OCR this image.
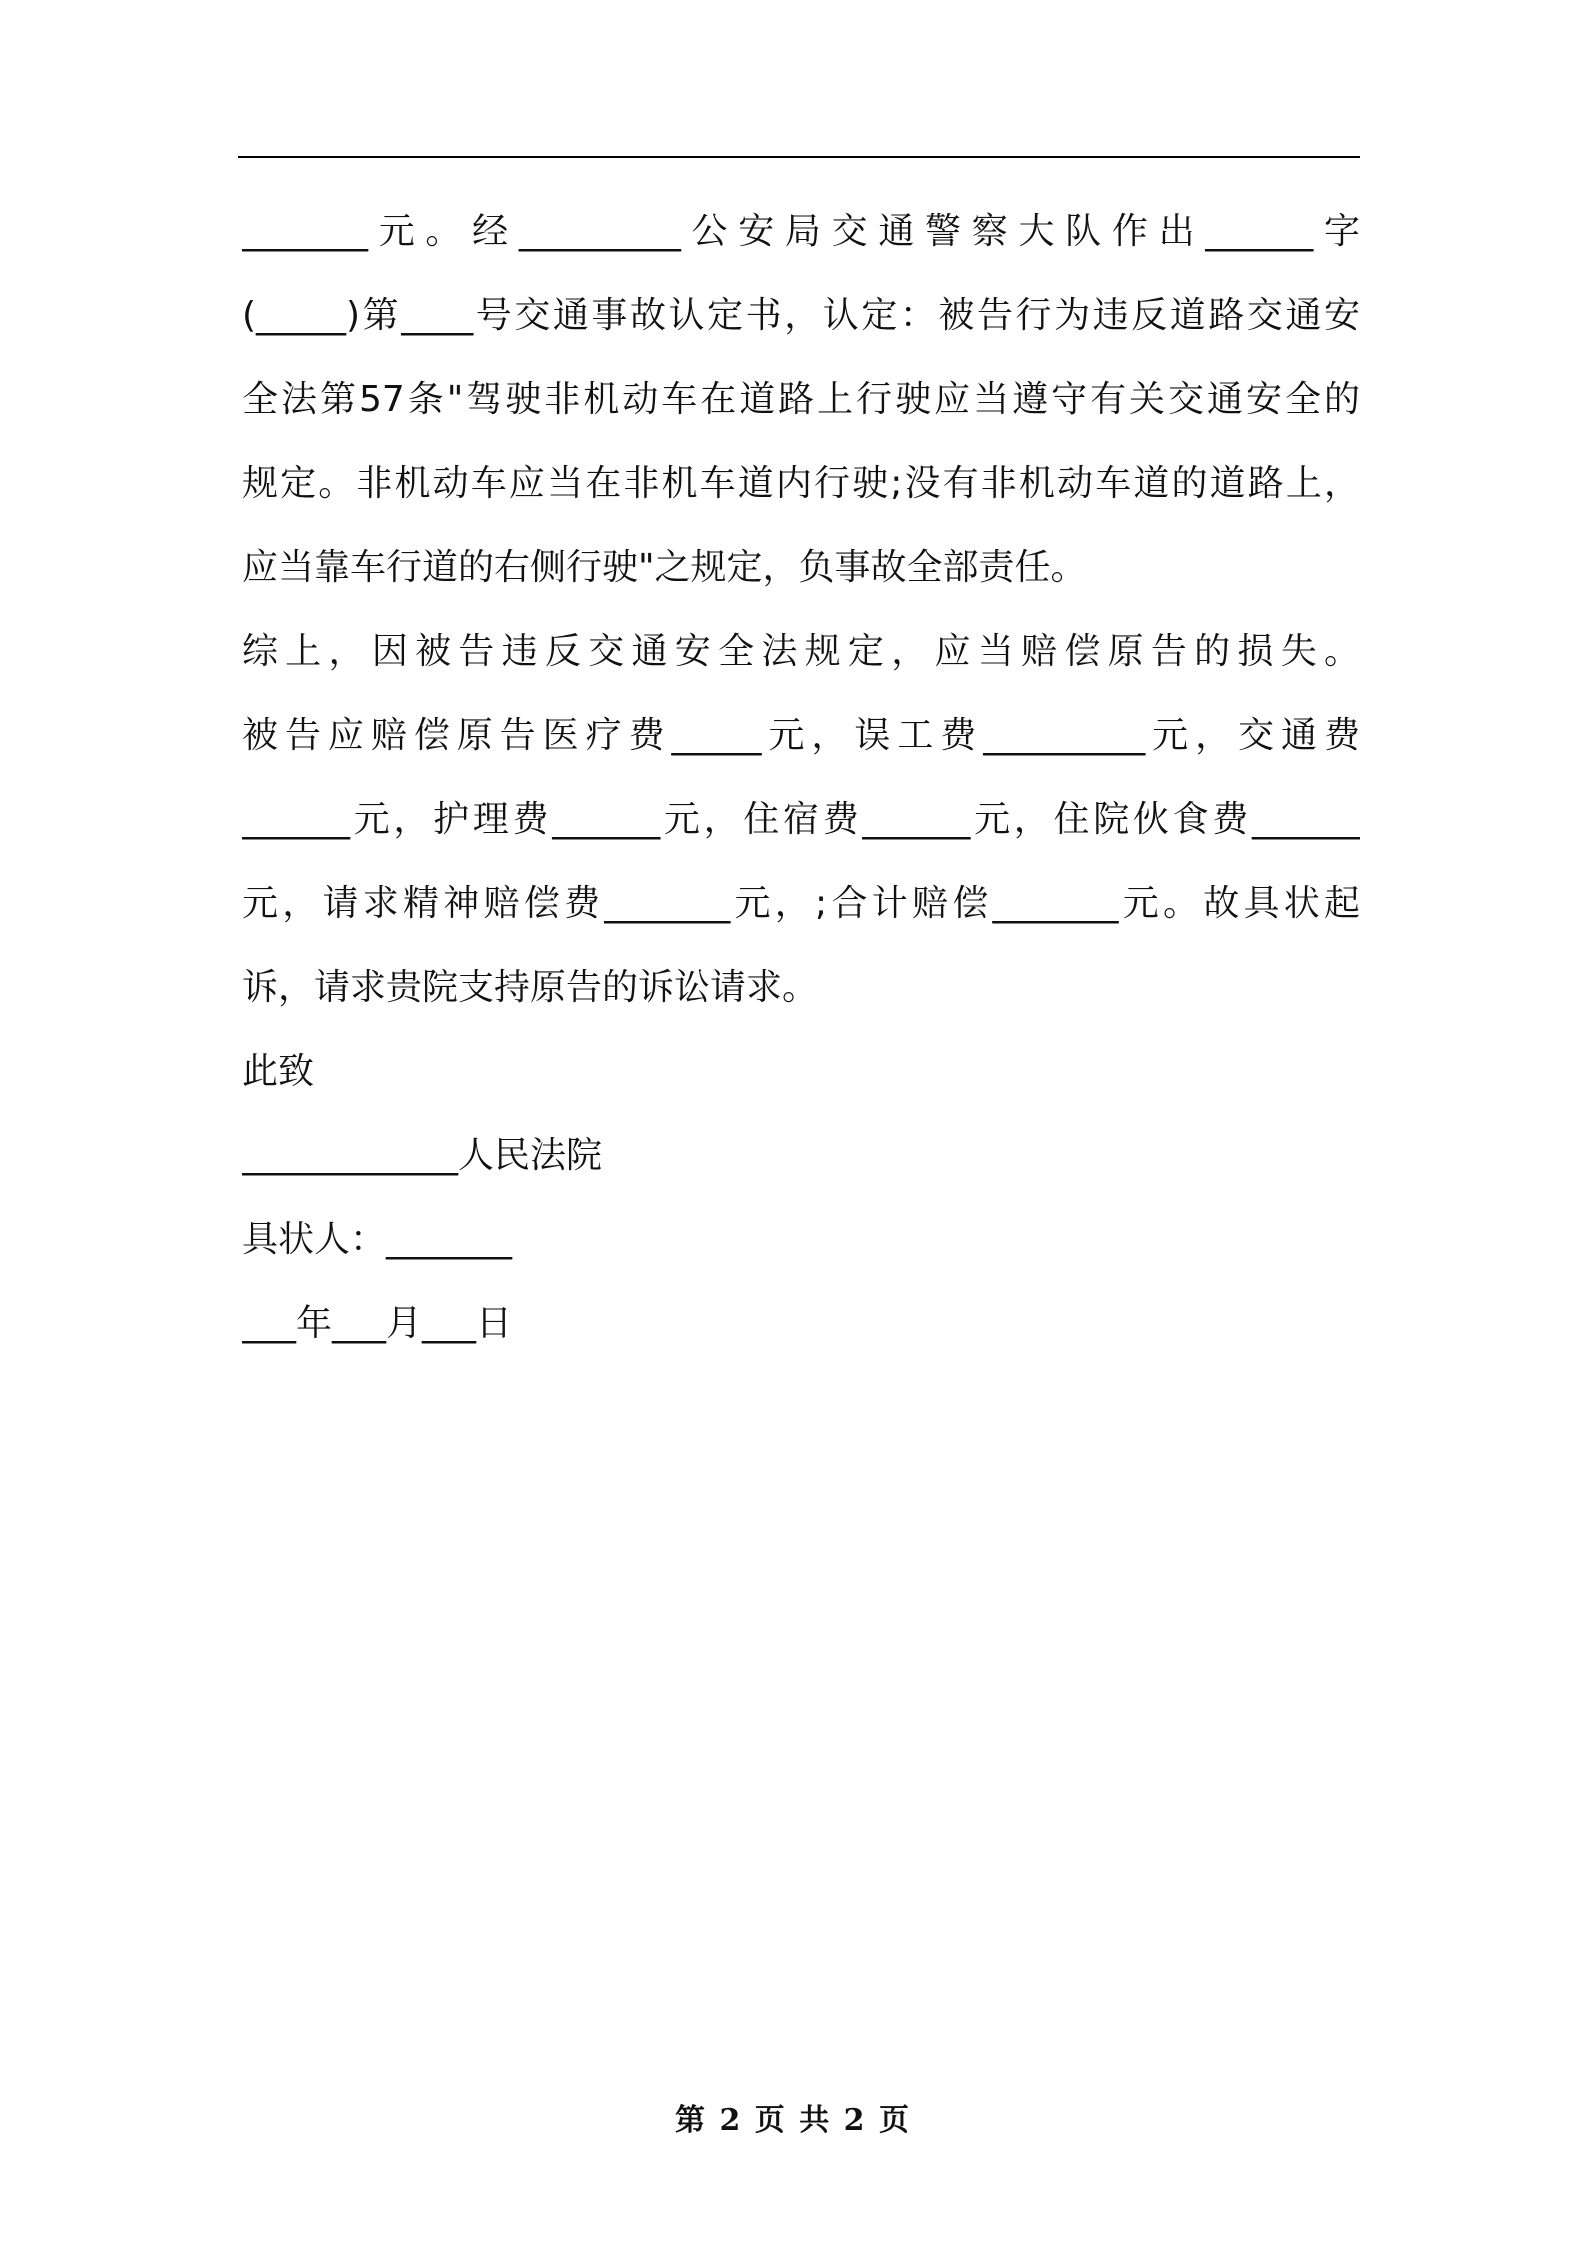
_______元。经_________公安局交通警察大队作出______字
(_____)第____号交通事故认定书，认定：被告行为违反道路交通安
全法第57条"驾驶非机动车在道路上行驶应当遵守有关交通安全的
规定。非机动车应当在非机车道内行驶;没有非机动车道的道路上，
应当靠车行道的右侧行驶"之规定，负事故全部责任。
综上，因被告违反交通安全法规定，应当赔偿原告的损失。
被告应赔偿原告医疗费_____元，误工费_________元，交通费
______元，护理费______元，住宿费______元，住院伙食费______
元，请求精神赔偿费_______元，;合计赔偿_______元。故具状起
诉，请求贵院支持原告的诉讼请求。
此致
____________人民法院
具状人：_______
___年___月___日
第 2 页 共 2 页
